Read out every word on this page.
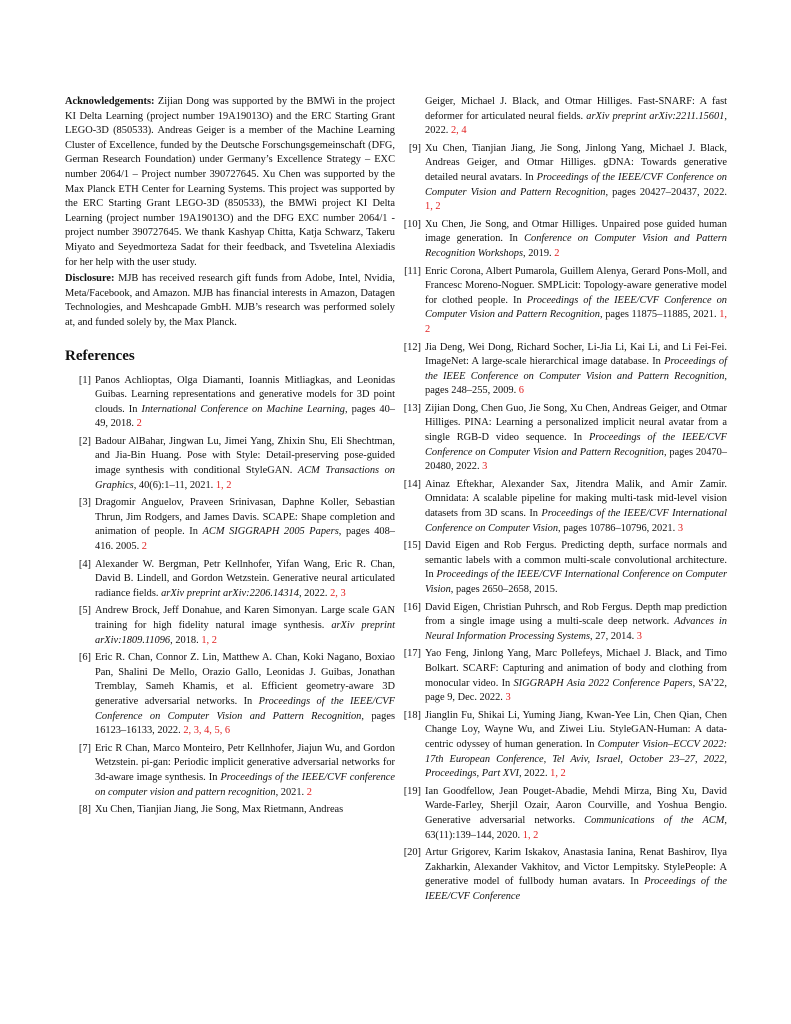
Acknowledgements: Zijian Dong was supported by the BMWi in the project KI Delta Learning (project number 19A19013O) and the ERC Starting Grant LEGO-3D (850533). Andreas Geiger is a member of the Machine Learning Cluster of Excellence, funded by the Deutsche Forschungsgemeinschaft (DFG, German Research Foundation) under Germany’s Excellence Strategy – EXC number 2064/1 – Project number 390727645. Xu Chen was supported by the Max Planck ETH Center for Learning Systems. This project was supported by the ERC Starting Grant LEGO-3D (850533), the BMWi project KI Delta Learning (project number 19A19013O) and the DFG EXC number 2064/1 - project number 390727645. We thank Kashyap Chitta, Katja Schwarz, Takeru Miyato and Seyedmorteza Sadat for their feedback, and Tsvetelina Alexiadis for her help with the user study.

Disclosure: MJB has received research gift funds from Adobe, Intel, Nvidia, Meta/Facebook, and Amazon. MJB has financial interests in Amazon, Datagen Technologies, and Meshcapade GmbH. MJB’s research was performed solely at, and funded solely by, the Max Planck.

References
[1] Panos Achlioptas, Olga Diamanti, Ioannis Mitliagkas, and Leonidas Guibas. Learning representations and generative models for 3D point clouds. In International Conference on Machine Learning, pages 40–49, 2018. 2
[2] Badour AlBahar, Jingwan Lu, Jimei Yang, Zhixin Shu, Eli Shechtman, and Jia-Bin Huang. Pose with Style: Detail-preserving pose-guided image synthesis with conditional StyleGAN. ACM Transactions on Graphics, 40(6):1–11, 2021. 1, 2
[3] Dragomir Anguelov, Praveen Srinivasan, Daphne Koller, Sebastian Thrun, Jim Rodgers, and James Davis. SCAPE: Shape completion and animation of people. In ACM SIGGRAPH 2005 Papers, pages 408–416. 2005. 2
[4] Alexander W. Bergman, Petr Kellnhofer, Yifan Wang, Eric R. Chan, David B. Lindell, and Gordon Wetzstein. Generative neural articulated radiance fields. arXiv preprint arXiv:2206.14314, 2022. 2, 3
[5] Andrew Brock, Jeff Donahue, and Karen Simonyan. Large scale GAN training for high fidelity natural image synthesis. arXiv preprint arXiv:1809.11096, 2018. 1, 2
[6] Eric R. Chan, Connor Z. Lin, Matthew A. Chan, Koki Nagano, Boxiao Pan, Shalini De Mello, Orazio Gallo, Leonidas J. Guibas, Jonathan Tremblay, Sameh Khamis, et al. Efficient geometry-aware 3D generative adversarial networks. In Proceedings of the IEEE/CVF Conference on Computer Vision and Pattern Recognition, pages 16123–16133, 2022. 2, 3, 4, 5, 6
[7] Eric R Chan, Marco Monteiro, Petr Kellnhofer, Jiajun Wu, and Gordon Wetzstein. pi-gan: Periodic implicit generative adversarial networks for 3d-aware image synthesis. In Proceedings of the IEEE/CVF conference on computer vision and pattern recognition, 2021. 2
[8] Xu Chen, Tianjian Jiang, Jie Song, Max Rietmann, Andreas
Geiger, Michael J. Black, and Otmar Hilliges. Fast-SNARF: A fast deformer for articulated neural fields. arXiv preprint arXiv:2211.15601, 2022. 2, 4
[9] Xu Chen, Tianjian Jiang, Jie Song, Jinlong Yang, Michael J. Black, Andreas Geiger, and Otmar Hilliges. gDNA: Towards generative detailed neural avatars. In Proceedings of the IEEE/CVF Conference on Computer Vision and Pattern Recognition, pages 20427–20437, 2022. 1, 2
[10] Xu Chen, Jie Song, and Otmar Hilliges. Unpaired pose guided human image generation. In Conference on Computer Vision and Pattern Recognition Workshops, 2019. 2
[11] Enric Corona, Albert Pumarola, Guillem Alenya, Gerard Pons-Moll, and Francesc Moreno-Noguer. SMPLicit: Topology-aware generative model for clothed people. In Proceedings of the IEEE/CVF Conference on Computer Vision and Pattern Recognition, pages 11875–11885, 2021. 1, 2
[12] Jia Deng, Wei Dong, Richard Socher, Li-Jia Li, Kai Li, and Li Fei-Fei. ImageNet: A large-scale hierarchical image database. In Proceedings of the IEEE Conference on Computer Vision and Pattern Recognition, pages 248–255, 2009. 6
[13] Zijian Dong, Chen Guo, Jie Song, Xu Chen, Andreas Geiger, and Otmar Hilliges. PINA: Learning a personalized implicit neural avatar from a single RGB-D video sequence. In Proceedings of the IEEE/CVF Conference on Computer Vision and Pattern Recognition, pages 20470–20480, 2022. 3
[14] Ainaz Eftekhar, Alexander Sax, Jitendra Malik, and Amir Zamir. Omnidata: A scalable pipeline for making multi-task mid-level vision datasets from 3D scans. In Proceedings of the IEEE/CVF International Conference on Computer Vision, pages 10786–10796, 2021. 3
[15] David Eigen and Rob Fergus. Predicting depth, surface normals and semantic labels with a common multi-scale convolutional architecture. In Proceedings of the IEEE/CVF International Conference on Computer Vision, pages 2650–2658, 2015.
[16] David Eigen, Christian Puhrsch, and Rob Fergus. Depth map prediction from a single image using a multi-scale deep network. Advances in Neural Information Processing Systems, 27, 2014. 3
[17] Yao Feng, Jinlong Yang, Marc Pollefeys, Michael J. Black, and Timo Bolkart. SCARF: Capturing and animation of body and clothing from monocular video. In SIGGRAPH Asia 2022 Conference Papers, SA’22, page 9, Dec. 2022. 3
[18] Jianglin Fu, Shikai Li, Yuming Jiang, Kwan-Yee Lin, Chen Qian, Chen Change Loy, Wayne Wu, and Ziwei Liu. StyleGAN-Human: A data-centric odyssey of human generation. In Computer Vision–ECCV 2022: 17th European Conference, Tel Aviv, Israel, October 23–27, 2022, Proceedings, Part XVI, 2022. 1, 2
[19] Ian Goodfellow, Jean Pouget-Abadie, Mehdi Mirza, Bing Xu, David Warde-Farley, Sherjil Ozair, Aaron Courville, and Yoshua Bengio. Generative adversarial networks. Communications of the ACM, 63(11):139–144, 2020. 1, 2
[20] Artur Grigorev, Karim Iskakov, Anastasia Ianina, Renat Bashirov, Ilya Zakharkin, Alexander Vakhitov, and Victor Lempitsky. StylePeople: A generative model of fullbody human avatars. In Proceedings of the IEEE/CVF Conference
